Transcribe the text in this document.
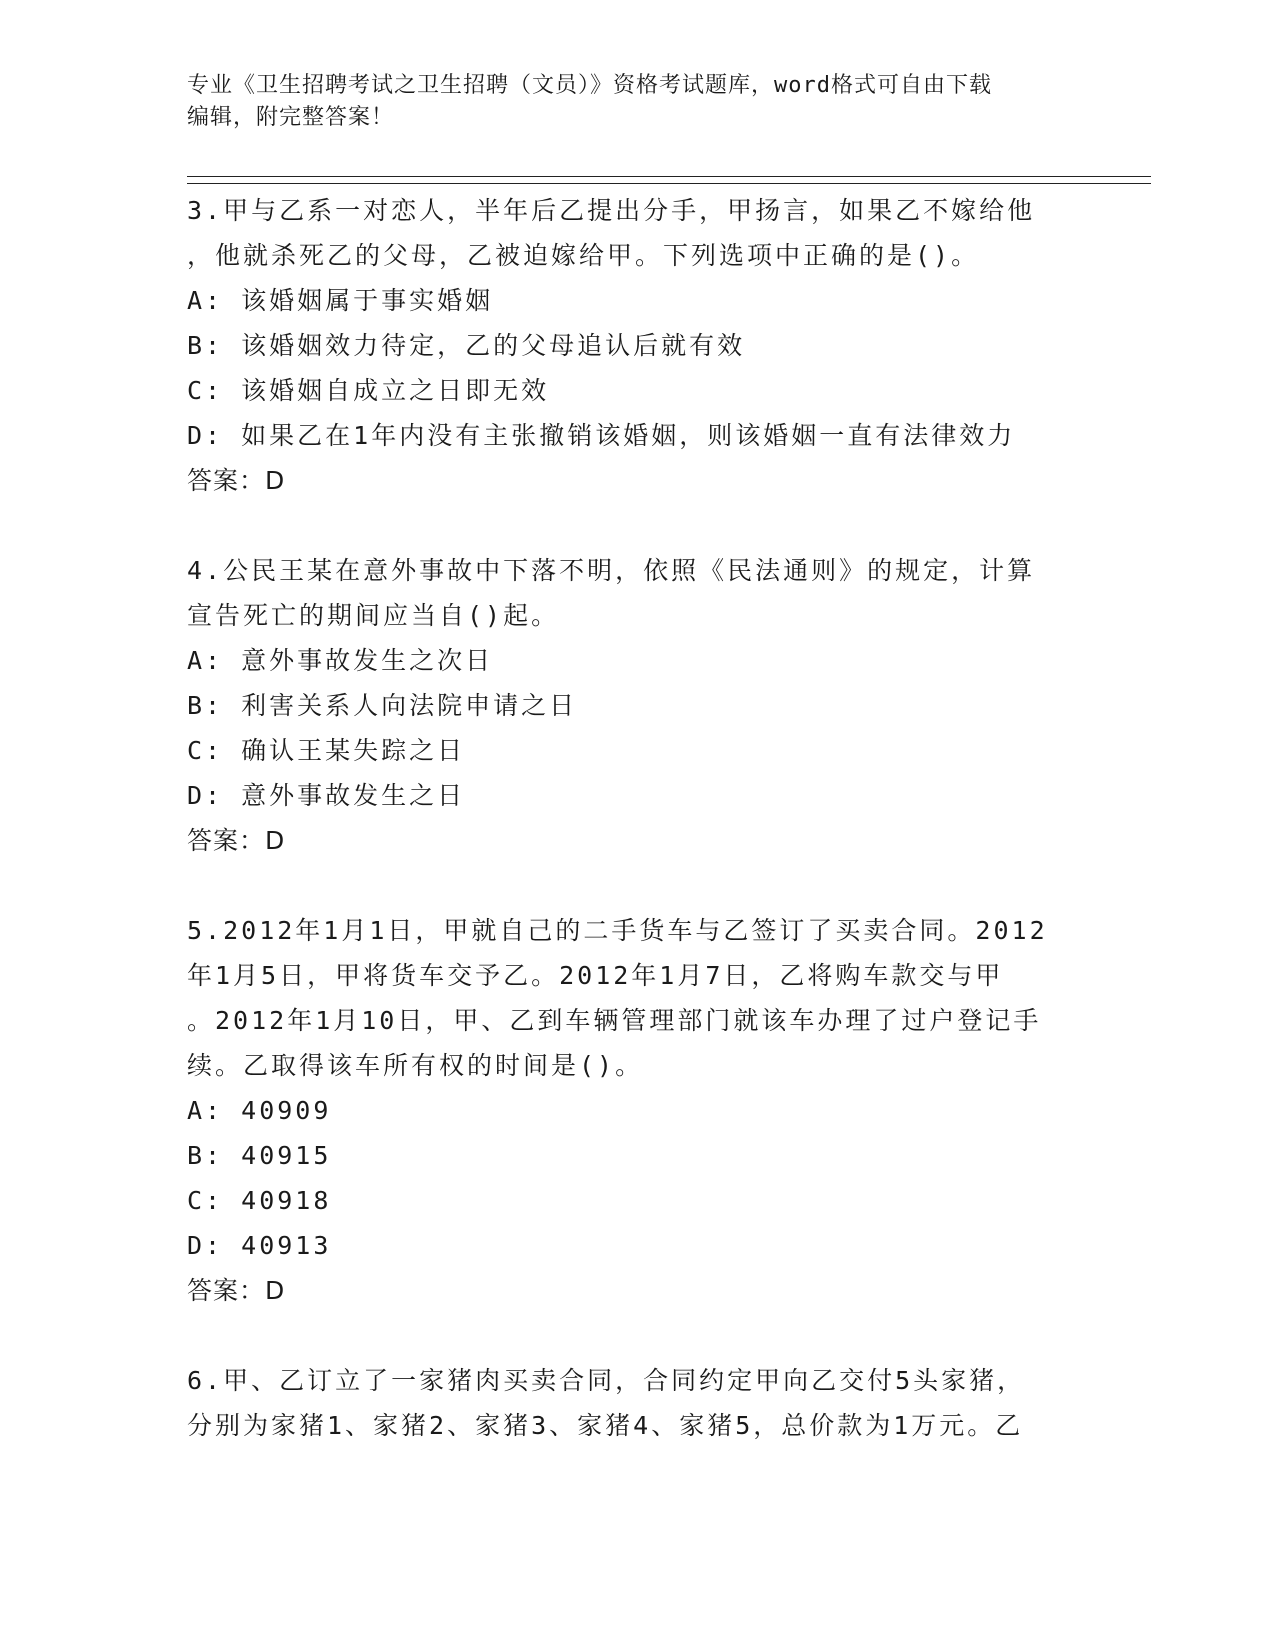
专业《卫生招聘考试之卫生招聘（文员）》资格考试题库，word格式可自由下载
编辑，附完整答案！
3.甲与乙系一对恋人，半年后乙提出分手，甲扬言，如果乙不嫁给他
，他就杀死乙的父母，乙被迫嫁给甲。下列选项中正确的是()。
A: 该婚姻属于事实婚姻
B: 该婚姻效力待定，乙的父母追认后就有效
C: 该婚姻自成立之日即无效
D: 如果乙在1年内没有主张撤销该婚姻，则该婚姻一直有法律效力
答案：D
4.公民王某在意外事故中下落不明，依照《民法通则》的规定，计算
宣告死亡的期间应当自()起。
A: 意外事故发生之次日
B: 利害关系人向法院申请之日
C: 确认王某失踪之日
D: 意外事故发生之日
答案：D
5.2012年1月1日，甲就自己的二手货车与乙签订了买卖合同。2012
年1月5日，甲将货车交予乙。2012年1月7日，乙将购车款交与甲
。2012年1月10日，甲、乙到车辆管理部门就该车办理了过户登记手
续。乙取得该车所有权的时间是()。
A: 40909
B: 40915
C: 40918
D: 40913
答案：D
6.甲、乙订立了一家猪肉买卖合同，合同约定甲向乙交付5头家猪，
分别为家猪1、家猪2、家猪3、家猪4、家猪5，总价款为1万元。乙
